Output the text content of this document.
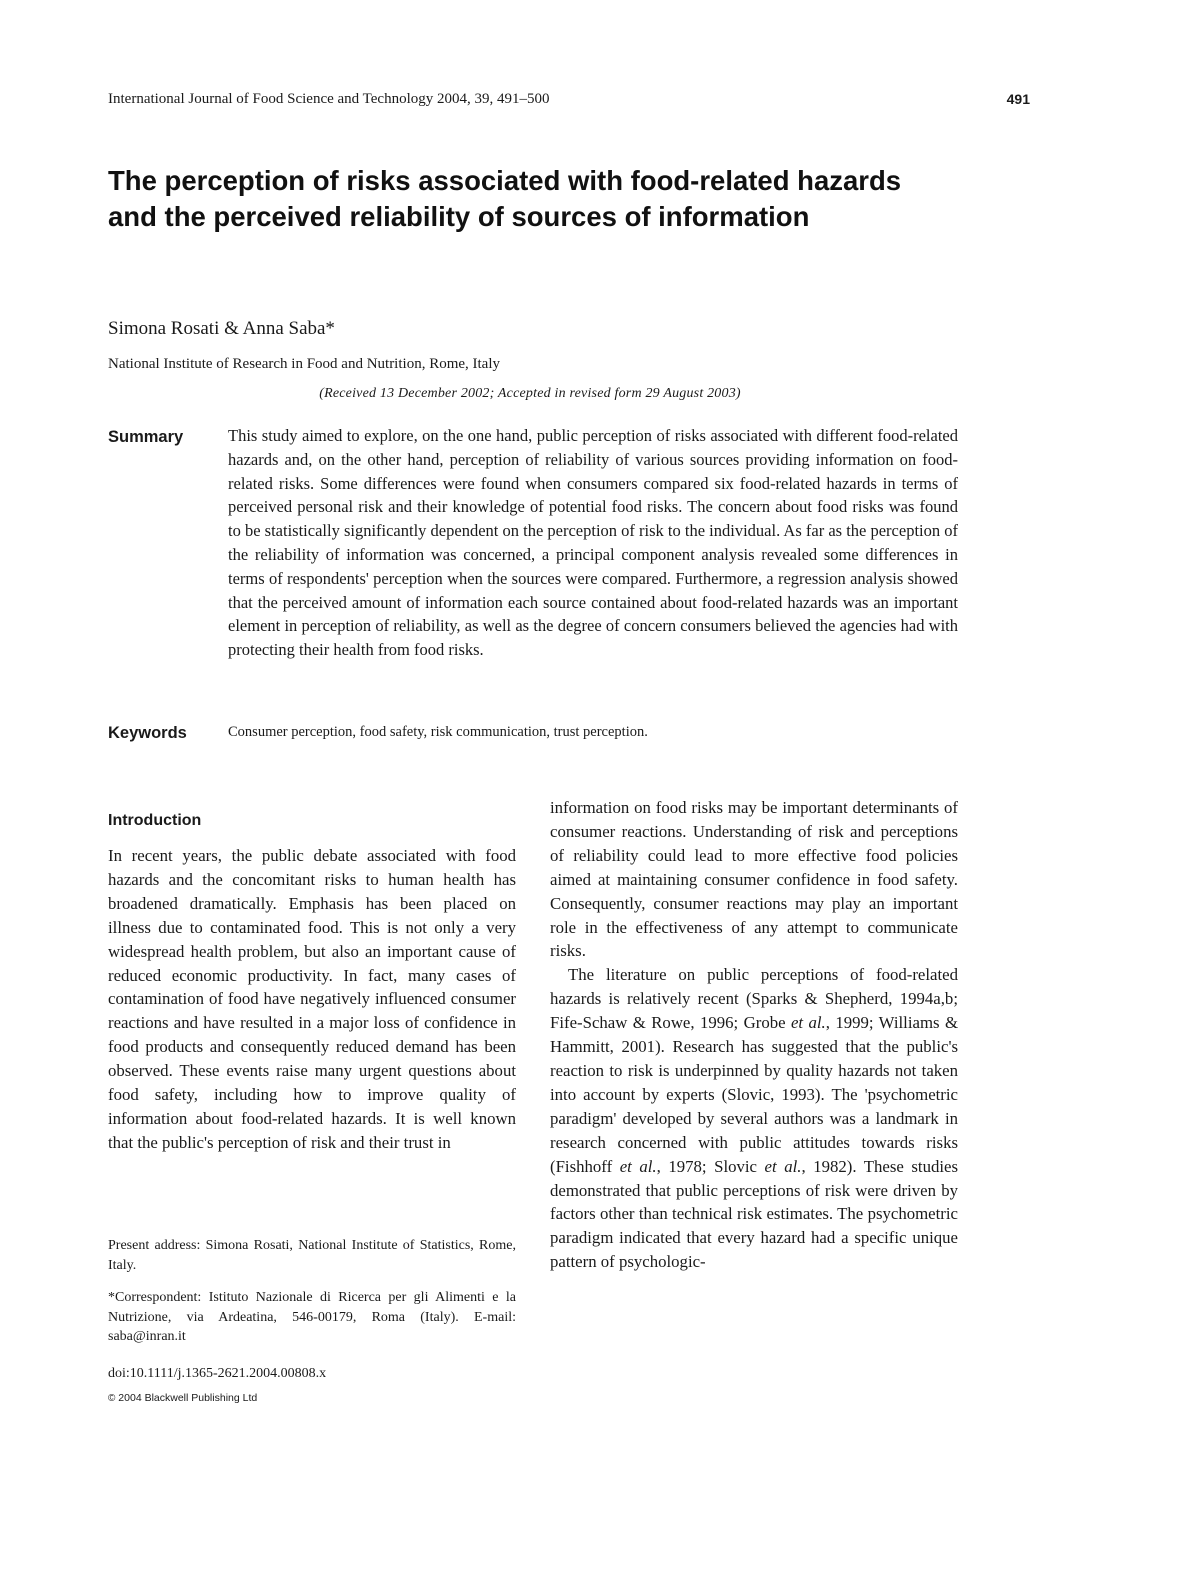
International Journal of Food Science and Technology 2004, 39, 491–500	491
The perception of risks associated with food-related hazards and the perceived reliability of sources of information
Simona Rosati & Anna Saba*
National Institute of Research in Food and Nutrition, Rome, Italy
(Received 13 December 2002; Accepted in revised form 29 August 2003)
Summary	This study aimed to explore, on the one hand, public perception of risks associated with different food-related hazards and, on the other hand, perception of reliability of various sources providing information on food-related risks. Some differences were found when consumers compared six food-related hazards in terms of perceived personal risk and their knowledge of potential food risks. The concern about food risks was found to be statistically significantly dependent on the perception of risk to the individual. As far as the perception of the reliability of information was concerned, a principal component analysis revealed some differences in terms of respondents' perception when the sources were compared. Furthermore, a regression analysis showed that the perceived amount of information each source contained about food-related hazards was an important element in perception of reliability, as well as the degree of concern consumers believed the agencies had with protecting their health from food risks.
Keywords	Consumer perception, food safety, risk communication, trust perception.
Introduction

In recent years, the public debate associated with food hazards and the concomitant risks to human health has broadened dramatically. Emphasis has been placed on illness due to contaminated food. This is not only a very widespread health problem, but also an important cause of reduced economic productivity. In fact, many cases of contamination of food have negatively influenced consumer reactions and have resulted in a major loss of confidence in food products and consequently reduced demand has been observed. These events raise many urgent questions about food safety, including how to improve quality of information about food-related hazards. It is well known that the public's perception of risk and their trust in

information on food risks may be important determinants of consumer reactions. Understanding of risk and perceptions of reliability could lead to more effective food policies aimed at maintaining consumer confidence in food safety. Consequently, consumer reactions may play an important role in the effectiveness of any attempt to communicate risks.

The literature on public perceptions of food-related hazards is relatively recent (Sparks & Shepherd, 1994a,b; Fife-Schaw & Rowe, 1996; Grobe et al., 1999; Williams & Hammitt, 2001). Research has suggested that the public's reaction to risk is underpinned by quality hazards not taken into account by experts (Slovic, 1993). The 'psychometric paradigm' developed by several authors was a landmark in research concerned with public attitudes towards risks (Fishhoff et al., 1978; Slovic et al., 1982). These studies demonstrated that public perceptions of risk were driven by factors other than technical risk estimates. The psychometric paradigm indicated that every hazard had a specific unique pattern of psychologic-

Present address: Simona Rosati, National Institute of Statistics, Rome, Italy.
*Correspondent: Istituto Nazionale di Ricerca per gli Alimenti e la Nutrizione, via Ardeatina, 546-00179, Roma (Italy). E-mail: saba@inran.it
doi:10.1111/j.1365-2621.2004.00808.x
© 2004 Blackwell Publishing Ltd
